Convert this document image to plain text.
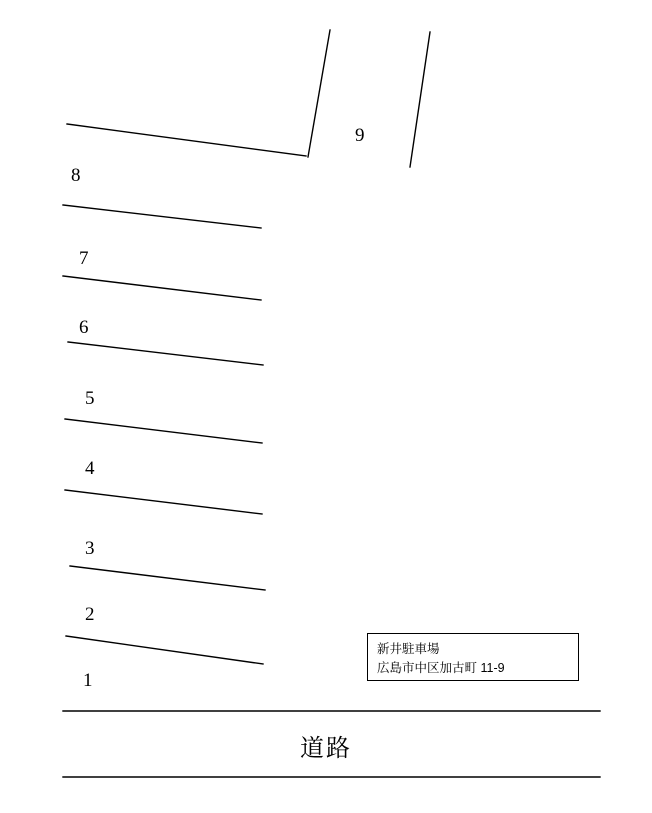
1
2
3
4
5
6
7
8
9
新井駐車場
広島市中区加古町 11-9
道路
